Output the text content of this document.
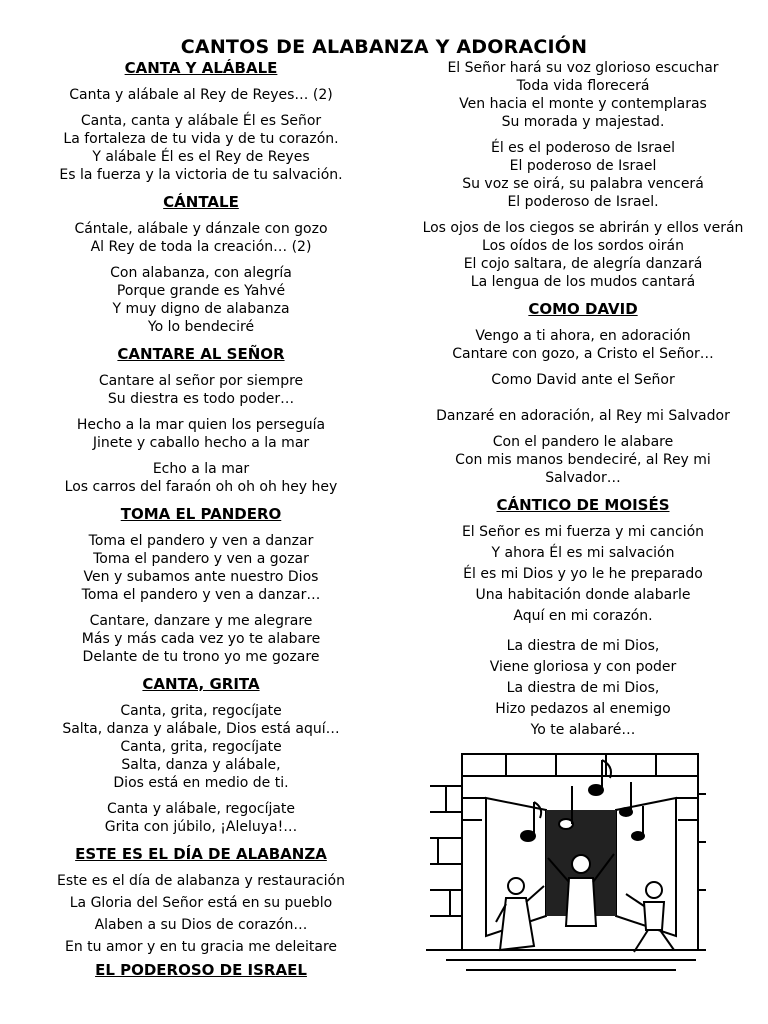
CANTOS DE ALABANZA Y ADORACIÓN
CANTA Y ALÁBALE
Canta y alábale al Rey de Reyes… (2)
Canta, canta y alábale Él es Señor
La fortaleza de tu vida y de tu corazón.
Y alábale Él es el Rey de Reyes
Es la fuerza y la victoria de tu salvación.
CÁNTALE
Cántale, alábale y dánzale con gozo
Al Rey de toda la creación… (2)
Con alabanza, con alegría
Porque grande es Yahvé
Y muy digno de alabanza
Yo lo bendeciré
CANTARE AL SEÑOR
Cantare al señor por siempre
Su diestra es todo poder…
Hecho a la mar quien los perseguía
Jinete y caballo hecho a la mar
Echo a la mar
Los carros del faraón oh oh oh hey hey
TOMA EL PANDERO
Toma el pandero y ven a danzar
Toma el pandero y ven a gozar
Ven y subamos ante nuestro Dios
Toma el pandero y ven a danzar…
Cantare, danzare y me alegrare
Más y más cada vez yo te alabare
Delante de tu trono yo me gozare
CANTA, GRITA
Canta, grita, regocíjate
Salta, danza y alábale, Dios está aquí…
Canta, grita, regocíjate
Salta, danza y alábale,
Dios está en medio de ti.
Canta y alábale, regocíjate
Grita con júbilo, ¡Aleluya!…
ESTE ES EL DÍA DE ALABANZA
Este es el día de alabanza y restauración
La Gloria del Señor está en su pueblo
Alaben a su Dios de corazón…
En tu amor y en tu gracia me deleitare
EL PODEROSO DE ISRAEL
El Señor hará su voz glorioso escuchar
Toda vida florecerá
Ven hacia el monte y contemplaras
Su morada y majestad.
Él es el poderoso de Israel
El poderoso de Israel
Su voz se oirá, su palabra vencerá
El poderoso de Israel.
Los ojos de los ciegos se abrirán y ellos verán
Los oídos de los sordos oirán
El cojo saltara, de alegría danzará
La lengua de los mudos cantará
COMO DAVID
Vengo a ti ahora, en adoración
Cantare con gozo, a Cristo el Señor…
Como David ante el Señor
Danzaré en adoración, al Rey mi Salvador
Con el pandero le alabare
Con mis manos bendeciré, al Rey mi Salvador…
CÁNTICO DE MOISÉS
El Señor es mi fuerza y mi canción
Y ahora Él es mi salvación
Él es mi Dios y yo le he preparado
Una habitación donde alabarle
Aquí en mi corazón.
La diestra de mi Dios,
Viene gloriosa y con poder
La diestra de mi Dios,
Hizo pedazos al enemigo
Yo te alabaré…
